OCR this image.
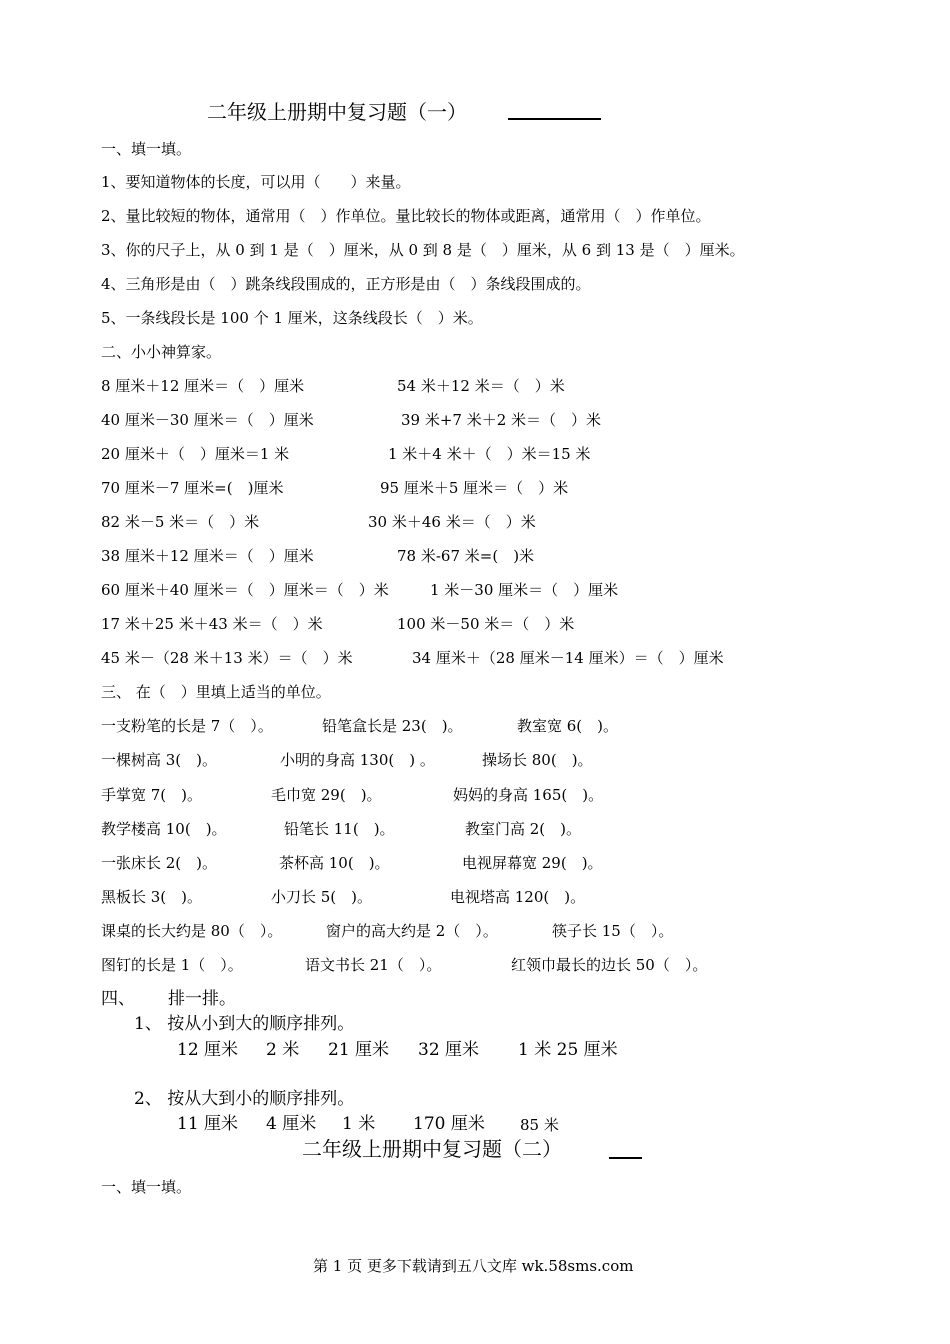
二年级上册期中复习题（一）
一、填一填。
1、要知道物体的长度，可以用（　　）来量。
2、量比较短的物体，通常用（　）作单位。量比较长的物体或距离，通常用（　）作单位。
3、你的尺子上，从 0 到 1 是（　）厘米，从 0 到 8 是（　）厘米，从 6 到 13 是（　）厘米。
4、三角形是由（　）跳条线段围成的，正方形是由（　）条线段围成的。
5、一条线段长是 100 个 1 厘米，这条线段长（　）米。
二、小小神算家。
8 厘米＋12 厘米＝（　）厘米	54 米＋12 米＝（　）米
40 厘米－30 厘米＝（　）厘米	39 米+7 米＋2 米＝（　）米
20 厘米＋（　）厘米＝1 米	1 米＋4 米＋（　）米＝15 米
70 厘米－7 厘米=(　)厘米	95 厘米＋5 厘米＝（　）米
82 米－5 米＝（　）米	30 米＋46 米＝（　）米
38 厘米＋12 厘米＝（　）厘米	78 米-67 米=(　)米
60 厘米＋40 厘米＝（　）厘米＝（　）米	1 米－30 厘米＝（　）厘米
17 米＋25 米＋43 米＝（　）米	100 米－50 米＝（　）米
45 米－（28 米＋13 米）＝（　）米	34 厘米＋（28 厘米－14 厘米）＝（　）厘米
三、 在（　）里填上适当的单位。
一支粉笔的长是 7（　）。	铅笔盒长是 23(　)。	教室宽 6(　)。
一棵树高 3(　)。	小明的身高 130(　) 。	操场长 80(　)。
手掌宽 7(　)。	毛巾宽 29(　)。	妈妈的身高 165(　)。
教学楼高 10(　)。	铅笔长 11(　)。	教室门高 2(　)。
一张床长 2(　)。	茶杯高 10(　)。	电视屏幕宽 29(　)。
黑板长 3(　)。	小刀长 5(　)。	电视塔高 120(　)。
课桌的长大约是 80（　）。	窗户的高大约是 2（　）。	筷子长 15（　）。
图钉的长是 1（　）。	语文书长 21（　）。	红领巾最长的边长 50（　）。
四、 排一排。
1、 按从小到大的顺序排列。
12 厘米 2 米 21 厘米 32 厘米 1 米 25 厘米
2、 按从大到小的顺序排列。
11 厘米 4 厘米 1 米 170 厘米 85 米
二年级上册期中复习题（二）
一、填一填。
第 1 页 更多下载请到五八文库 wk.58sms.com
